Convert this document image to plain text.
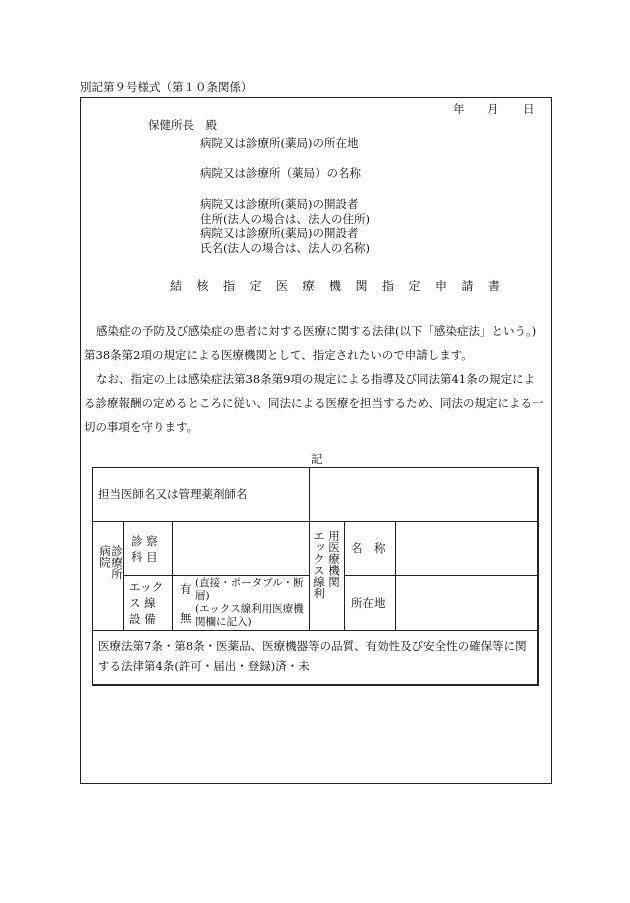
別記第９号様式（第１０条関係）
年 月 日
保健所長 殿
病院又は診療所(薬局)の所在地
病院又は診療所（薬局）の名称
病院又は診療所(薬局)の開設者
住所(法人の場合は、法人の住所)
病院又は診療所(薬局)の開設者
氏名(法人の場合は、法人の名称)
結核指定医療機関指定申請書
感染症の予防及び感染症の患者に対する医療に関する法律(以下「感染症法」という。)第38条第2項の規定による医療機関として、指定されたいので申請します。
なお、指定の上は感染症法第38条第9項の規定による指導及び同法第41条の規定による診療報酬の定めるところに従い、同法による医療を担当するため、同法の規定による一切の事項を守ります。
記
担当医師名又は管理薬剤師名
病院
診療所
診 察
科 目
エック
ス 線
設 備
有
無
(直接・ポータブル・断層)
(エックス線利用医療機関欄に記入)
エックス線利 用医療機関 名　称
所在地
医療法第7条・第8条・医薬品、医療機器等の品質、有効性及び安全性の確保等に関する法律第4条(許可・届出・登録)済・未
